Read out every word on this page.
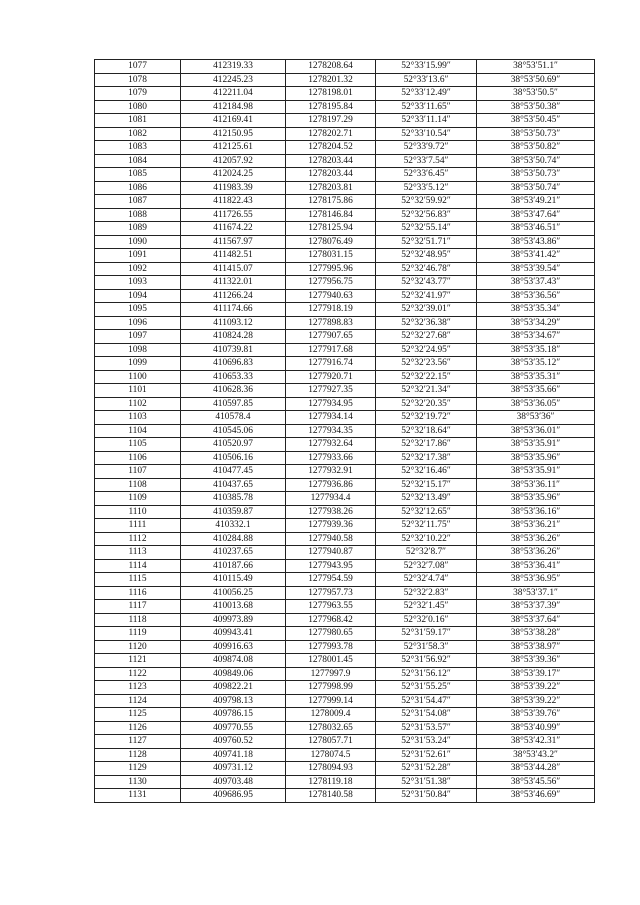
1077	412319.33	1278208.64	52°33′15.99″	38°53′51.1″
1078	412245.23	1278201.32	52°33′13.6″	38°53′50.69″
1079	412211.04	1278198.01	52°33′12.49″	38°53′50.5″
1080	412184.98	1278195.84	52°33′11.65″	38°53′50.38″
1081	412169.41	1278197.29	52°33′11.14″	38°53′50.45″
1082	412150.95	1278202.71	52°33′10.54″	38°53′50.73″
1083	412125.61	1278204.52	52°33′9.72″	38°53′50.82″
1084	412057.92	1278203.44	52°33′7.54″	38°53′50.74″
1085	412024.25	1278203.44	52°33′6.45″	38°53′50.73″
1086	411983.39	1278203.81	52°33′5.12″	38°53′50.74″
1087	411822.43	1278175.86	52°32′59.92″	38°53′49.21″
1088	411726.55	1278146.84	52°32′56.83″	38°53′47.64″
1089	411674.22	1278125.94	52°32′55.14″	38°53′46.51″
1090	411567.97	1278076.49	52°32′51.71″	38°53′43.86″
1091	411482.51	1278031.15	52°32′48.95″	38°53′41.42″
1092	411415.07	1277995.96	52°32′46.78″	38°53′39.54″
1093	411322.01	1277956.75	52°32′43.77″	38°53′37.43″
1094	411266.24	1277940.63	52°32′41.97″	38°53′36.56″
1095	411174.66	1277918.19	52°32′39.01″	38°53′35.34″
1096	411093.12	1277898.83	52°32′36.38″	38°53′34.29″
1097	410824.28	1277907.65	52°32′27.68″	38°53′34.67″
1098	410739.81	1277917.68	52°32′24.95″	38°53′35.18″
1099	410696.83	1277916.74	52°32′23.56″	38°53′35.12″
1100	410653.33	1277920.71	52°32′22.15″	38°53′35.31″
1101	410628.36	1277927.35	52°32′21.34″	38°53′35.66″
1102	410597.85	1277934.95	52°32′20.35″	38°53′36.05″
1103	410578.4	1277934.14	52°32′19.72″	38°53′36″
1104	410545.06	1277934.35	52°32′18.64″	38°53′36.01″
1105	410520.97	1277932.64	52°32′17.86″	38°53′35.91″
1106	410506.16	1277933.66	52°32′17.38″	38°53′35.96″
1107	410477.45	1277932.91	52°32′16.46″	38°53′35.91″
1108	410437.65	1277936.86	52°32′15.17″	38°53′36.11″
1109	410385.78	1277934.4	52°32′13.49″	38°53′35.96″
1110	410359.87	1277938.26	52°32′12.65″	38°53′36.16″
1111	410332.1	1277939.36	52°32′11.75″	38°53′36.21″
1112	410284.88	1277940.58	52°32′10.22″	38°53′36.26″
1113	410237.65	1277940.87	52°32′8.7″	38°53′36.26″
1114	410187.66	1277943.95	52°32′7.08″	38°53′36.41″
1115	410115.49	1277954.59	52°32′4.74″	38°53′36.95″
1116	410056.25	1277957.73	52°32′2.83″	38°53′37.1″
1117	410013.68	1277963.55	52°32′1.45″	38°53′37.39″
1118	409973.89	1277968.42	52°32′0.16″	38°53′37.64″
1119	409943.41	1277980.65	52°31′59.17″	38°53′38.28″
1120	409916.63	1277993.78	52°31′58.3″	38°53′38.97″
1121	409874.08	1278001.45	52°31′56.92″	38°53′39.36″
1122	409849.06	1277997.9	52°31′56.12″	38°53′39.17″
1123	409822.21	1277998.99	52°31′55.25″	38°53′39.22″
1124	409798.13	1277999.14	52°31′54.47″	38°53′39.22″
1125	409786.15	1278009.4	52°31′54.08″	38°53′39.76″
1126	409770.55	1278032.65	52°31′53.57″	38°53′40.99″
1127	409760.52	1278057.71	52°31′53.24″	38°53′42.31″
1128	409741.18	1278074.5	52°31′52.61″	38°53′43.2″
1129	409731.12	1278094.93	52°31′52.28″	38°53′44.28″
1130	409703.48	1278119.18	52°31′51.38″	38°53′45.56″
1131	409686.95	1278140.58	52°31′50.84″	38°53′46.69″
